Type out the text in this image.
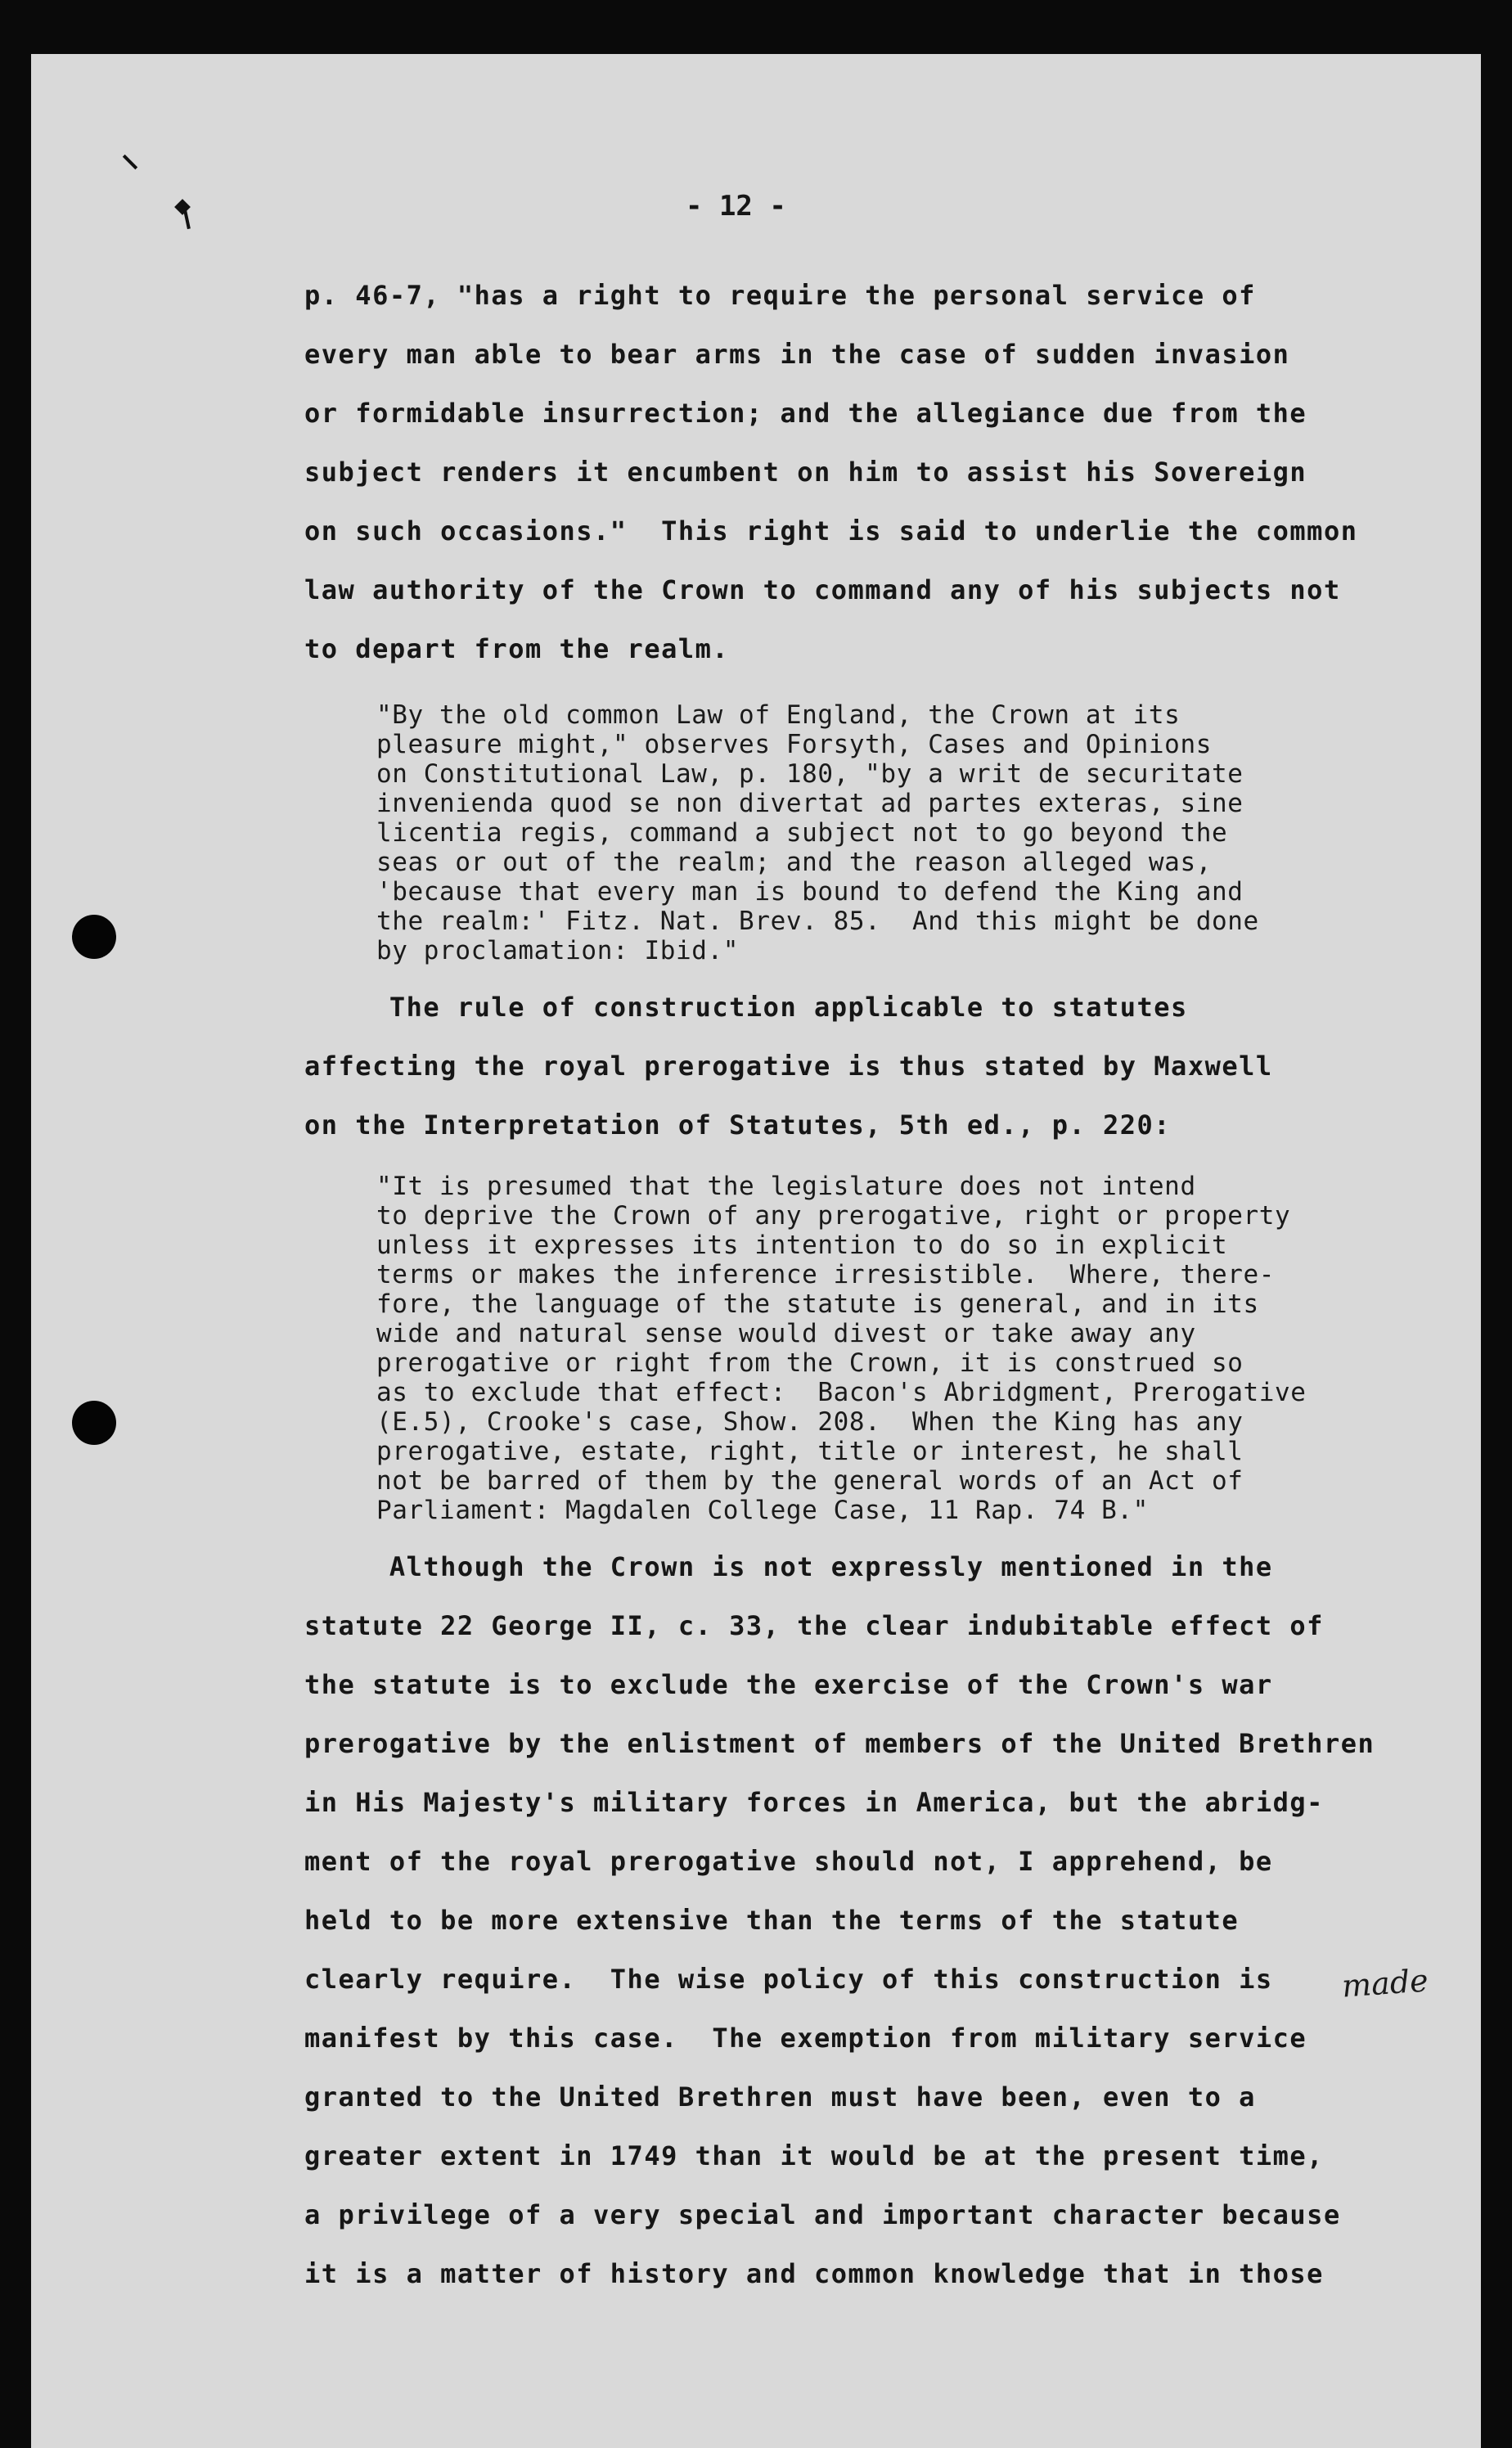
- 12 -
p. 46-7, "has a right to require the personal service of
every man able to bear arms in the case of sudden invasion
or formidable insurrection; and the allegiance due from the
subject renders it encumbent on him to assist his Sovereign
on such occasions."  This right is said to underlie the common
law authority of the Crown to command any of his subjects not
to depart from the realm.
"By the old common Law of England, the Crown at its
pleasure might," observes Forsyth, Cases and Opinions
on Constitutional Law, p. 180, "by a writ de securitate
invenienda quod se non divertat ad partes exteras, sine
licentia regis, command a subject not to go beyond the
seas or out of the realm; and the reason alleged was,
'because that every man is bound to defend the King and
the realm:' Fitz. Nat. Brev. 85.  And this might be done
by proclamation: Ibid."
The rule of construction applicable to statutes
affecting the royal prerogative is thus stated by Maxwell
on the Interpretation of Statutes, 5th ed., p. 220:
"It is presumed that the legislature does not intend
to deprive the Crown of any prerogative, right or property
unless it expresses its intention to do so in explicit
terms or makes the inference irresistible.  Where, there-
fore, the language of the statute is general, and in its
wide and natural sense would divest or take away any
prerogative or right from the Crown, it is construed so
as to exclude that effect:  Bacon's Abridgment, Prerogative
(E.5), Crooke's case, Show. 208.  When the King has any
prerogative, estate, right, title or interest, he shall
not be barred of them by the general words of an Act of
Parliament: Magdalen College Case, 11 Rap. 74 B."
Although the Crown is not expressly mentioned in the
statute 22 George II, c. 33, the clear indubitable effect of
the statute is to exclude the exercise of the Crown's war
prerogative by the enlistment of members of the United Brethren
in His Majesty's military forces in America, but the abridg-
ment of the royal prerogative should not, I apprehend, be
held to be more extensive than the terms of the statute
clearly require.  The wise policy of this construction is
manifest by this case.  The exemption from military service
granted to the United Brethren must have been, even to a
greater extent in 1749 than it would be at the present time,
a privilege of a very special and important character because
it is a matter of history and common knowledge that in those
made
